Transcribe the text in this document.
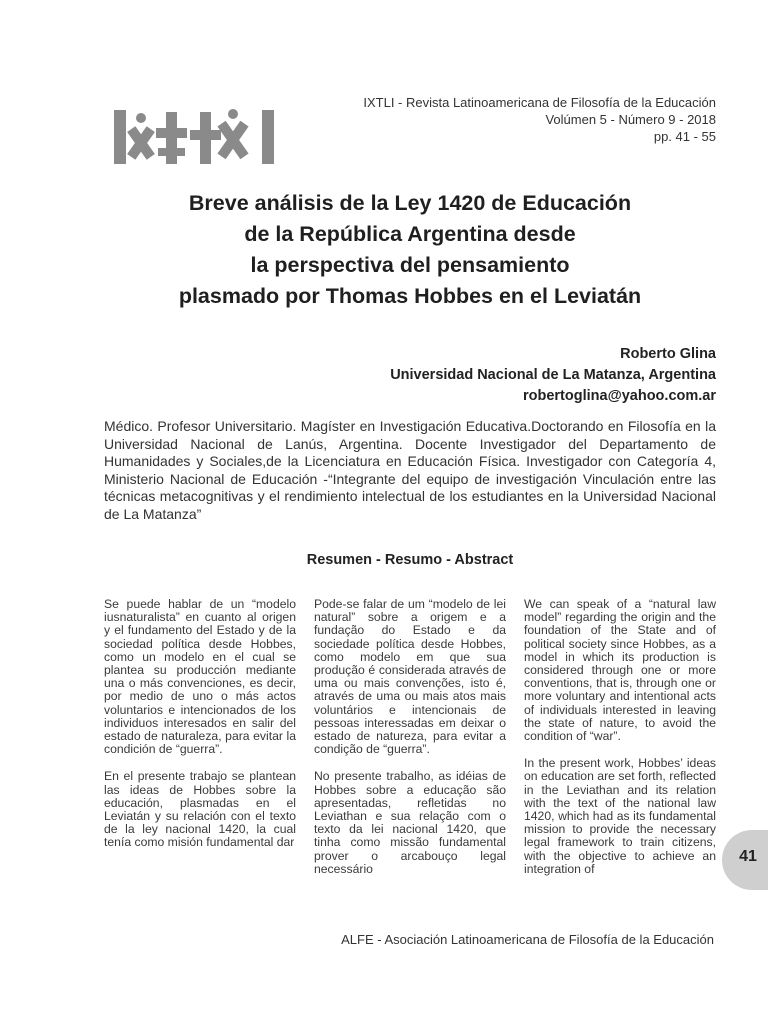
IXTLI - Revista Latinoamericana de Filosofía de la Educación
Volúmen 5 - Número 9 - 2018
pp. 41 - 55
Breve análisis de la Ley 1420 de Educación
de la República Argentina desde
la perspectiva del pensamiento
plasmado por Thomas Hobbes en el Leviatán
Roberto Glina
Universidad Nacional de La Matanza, Argentina
robertoglina@yahoo.com.ar
Médico. Profesor Universitario. Magíster en Investigación Educativa.Doctorando en Filosofía en la Universidad Nacional de Lanús, Argentina. Docente Investigador del Departamento de Humanidades y Sociales,de la Licenciatura en Educación Física. Investigador con Categoría 4, Ministerio Nacional de Educación -“Integrante del equipo de investigación Vinculación entre las técnicas metacognitivas y el rendimiento intelectual de los estudiantes en la Universidad Nacional de La Matanza”
Resumen - Resumo - Abstract

Se puede hablar de un “modelo iusnaturalista” en cuanto al origen y el fundamento del Estado y de la sociedad política desde Hobbes, como un modelo en el cual se plantea su producción mediante una o más convenciones, es decir, por medio de uno o más actos voluntarios e intencionados de los individuos interesados en salir del estado de naturaleza, para evitar la condición de “guerra”.

En el presente trabajo se plantean las ideas de Hobbes sobre la educación, plasmadas en el Leviatán y su relación con el texto de la ley nacional 1420, la cual tenía como misión fundamental dar

Pode-se falar de um “modelo de lei natural” sobre a origem e a fundação do Estado e da sociedade política desde Hobbes, como modelo em que sua produção é considerada através de uma ou mais convenções, isto é, através de uma ou mais atos mais voluntários e intencionais de pessoas interessadas em deixar o estado de natureza, para evitar a condição de “guerra”.

No presente trabalho, as idéias de Hobbes sobre a educação são apresentadas, refletidas no Leviathan e sua relação com o texto da lei nacional 1420, que tinha como missão fundamental prover o arcabouço legal necessário

We can speak of a “natural law model” regarding the origin and the foundation of the State and of political society since Hobbes, as a model in which its production is considered through one or more conventions, that is, through one or more voluntary and intentional acts of individuals interested in leaving the state of nature, to avoid the condition of “war”.

In the present work, Hobbes’ ideas on education are set forth, reflected in the Leviathan and its relation with the text of the national law 1420, which had as its fundamental mission to provide the necessary legal framework to train citizens, with the objective to achieve an integration of

41
ALFE - Asociación Latinoamericana de Filosofía de la Educación
